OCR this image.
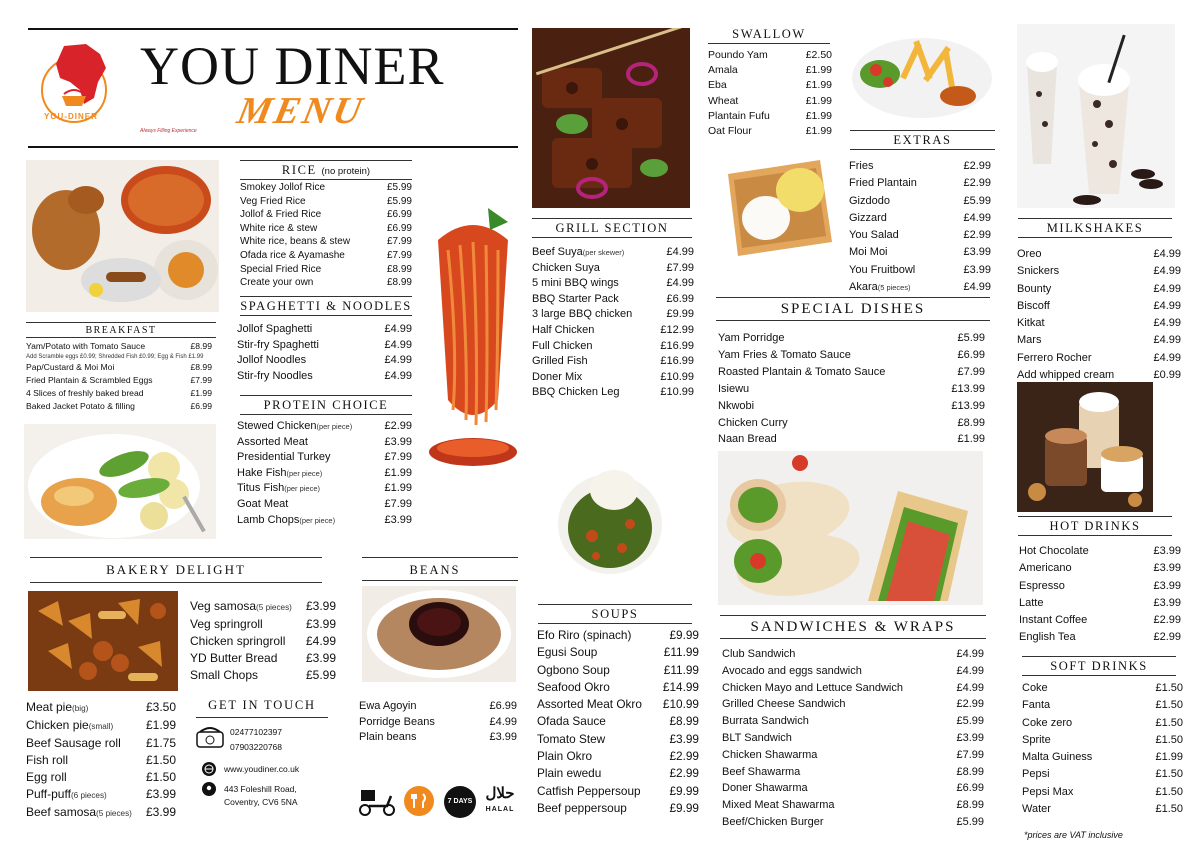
YOU-DINER
YOU DINER
MENU
Always Filling Experience
BREAKFAST
Yam/Potato with Tomato Sauce	£8.99
Add Scramble eggs £0.99; Shredded Fish £0.99; Egg & Fish £1.99
Pap/Custard & Moi Moi	£8.99
Fried Plantain & Scrambled Eggs	£7.99
4 Slices of freshly baked bread	£1.99
Baked Jacket Potato & filling	£6.99
RICE (no protein)
Smokey Jollof Rice	£5.99
Veg Fried Rice	£5.99
Jollof & Fried Rice	£6.99
White rice & stew	£6.99
White rice, beans & stew	£7.99
Ofada rice & Ayamashe	£7.99
Special Fried Rice	£8.99
Create your own	£8.99
SPAGHETTI & NOODLES
Jollof Spaghetti	£4.99
Stir-fry Spaghetti	£4.99
Jollof Noodles	£4.99
Stir-fry Noodles	£4.99
PROTEIN CHOICE
Stewed Chicken(per piece)	£2.99
Assorted Meat	£3.99
Presidential Turkey	£7.99
Hake Fish(per piece)	£1.99
Titus Fish(per piece)	£1.99
Goat Meat	£7.99
Lamb Chops(per piece)	£3.99
BAKERY DELIGHT
Veg samosa(5 pieces)	£3.99
Veg springroll	£3.99
Chicken springroll	£4.99
YD Butter Bread	£3.99
Small Chops	£5.99
Meat pie(big)	£3.50
Chicken pie(small)	£1.99
Beef Sausage roll	£1.75
Fish roll	£1.50
Egg roll	£1.50
Puff-puff(6 pieces)	£3.99
Beef samosa(5 pieces)	£3.99
GET IN TOUCH
02477102397
07903220768
www.youdiner.co.uk
443 Foleshill Road,
Coventry, CV6 5NA
BEANS
Ewa Agoyin	£6.99
Porridge Beans	£4.99
Plain beans	£3.99
GRILL SECTION
Beef Suya(per skewer)	£4.99
Chicken Suya	£7.99
5 mini BBQ wings	£4.99
BBQ Starter Pack	£6.99
3 large BBQ chicken	£9.99
Half Chicken	£12.99
Full Chicken	£16.99
Grilled Fish	£16.99
Doner Mix	£10.99
BBQ Chicken Leg	£10.99
SOUPS
Efo Riro (spinach)	£9.99
Egusi Soup	£11.99
Ogbono Soup	£11.99
Seafood Okro	£14.99
Assorted Meat Okro	£10.99
Ofada Sauce	£8.99
Tomato Stew	£3.99
Plain Okro	£2.99
Plain ewedu	£2.99
Catfish Peppersoup	£9.99
Beef peppersoup	£9.99
7 DAYS حلال
HALAL
SWALLOW
Poundo Yam	£2.50
Amala	£1.99
Eba	£1.99
Wheat	£1.99
Plantain Fufu	£1.99
Oat Flour	£1.99
EXTRAS
Fries	£2.99
Fried Plantain	£2.99
Gizdodo	£5.99
Gizzard	£4.99
You Salad	£2.99
Moi Moi	£3.99
You Fruitbowl	£3.99
Akara(5 pieces)	£4.99
SPECIAL DISHES
Yam Porridge	£5.99
Yam Fries & Tomato Sauce	£6.99
Roasted Plantain & Tomato Sauce	£7.99
Isiewu	£13.99
Nkwobi	£13.99
Chicken Curry	£8.99
Naan Bread	£1.99
SANDWICHES & WRAPS
Club Sandwich	£4.99
Avocado and eggs sandwich	£4.99
Chicken Mayo and Lettuce Sandwich	£4.99
Grilled Cheese Sandwich	£2.99
Burrata Sandwich	£5.99
BLT Sandwich	£3.99
Chicken Shawarma	£7.99
Beef Shawarma	£8.99
Doner Shawarma	£6.99
Mixed Meat Shawarma	£8.99
Beef/Chicken Burger	£5.99
MILKSHAKES
Oreo	£4.99
Snickers	£4.99
Bounty	£4.99
Biscoff	£4.99
Kitkat	£4.99
Mars	£4.99
Ferrero Rocher	£4.99
Add whipped cream	£0.99
HOT DRINKS
Hot Chocolate	£3.99
Americano	£3.99
Espresso	£3.99
Latte	£3.99
Instant Coffee	£2.99
English Tea	£2.99
SOFT DRINKS
Coke	£1.50
Fanta	£1.50
Coke zero	£1.50
Sprite	£1.50
Malta Guiness	£1.99
Pepsi	£1.50
Pepsi Max	£1.50
Water	£1.50
*prices are VAT inclusive
